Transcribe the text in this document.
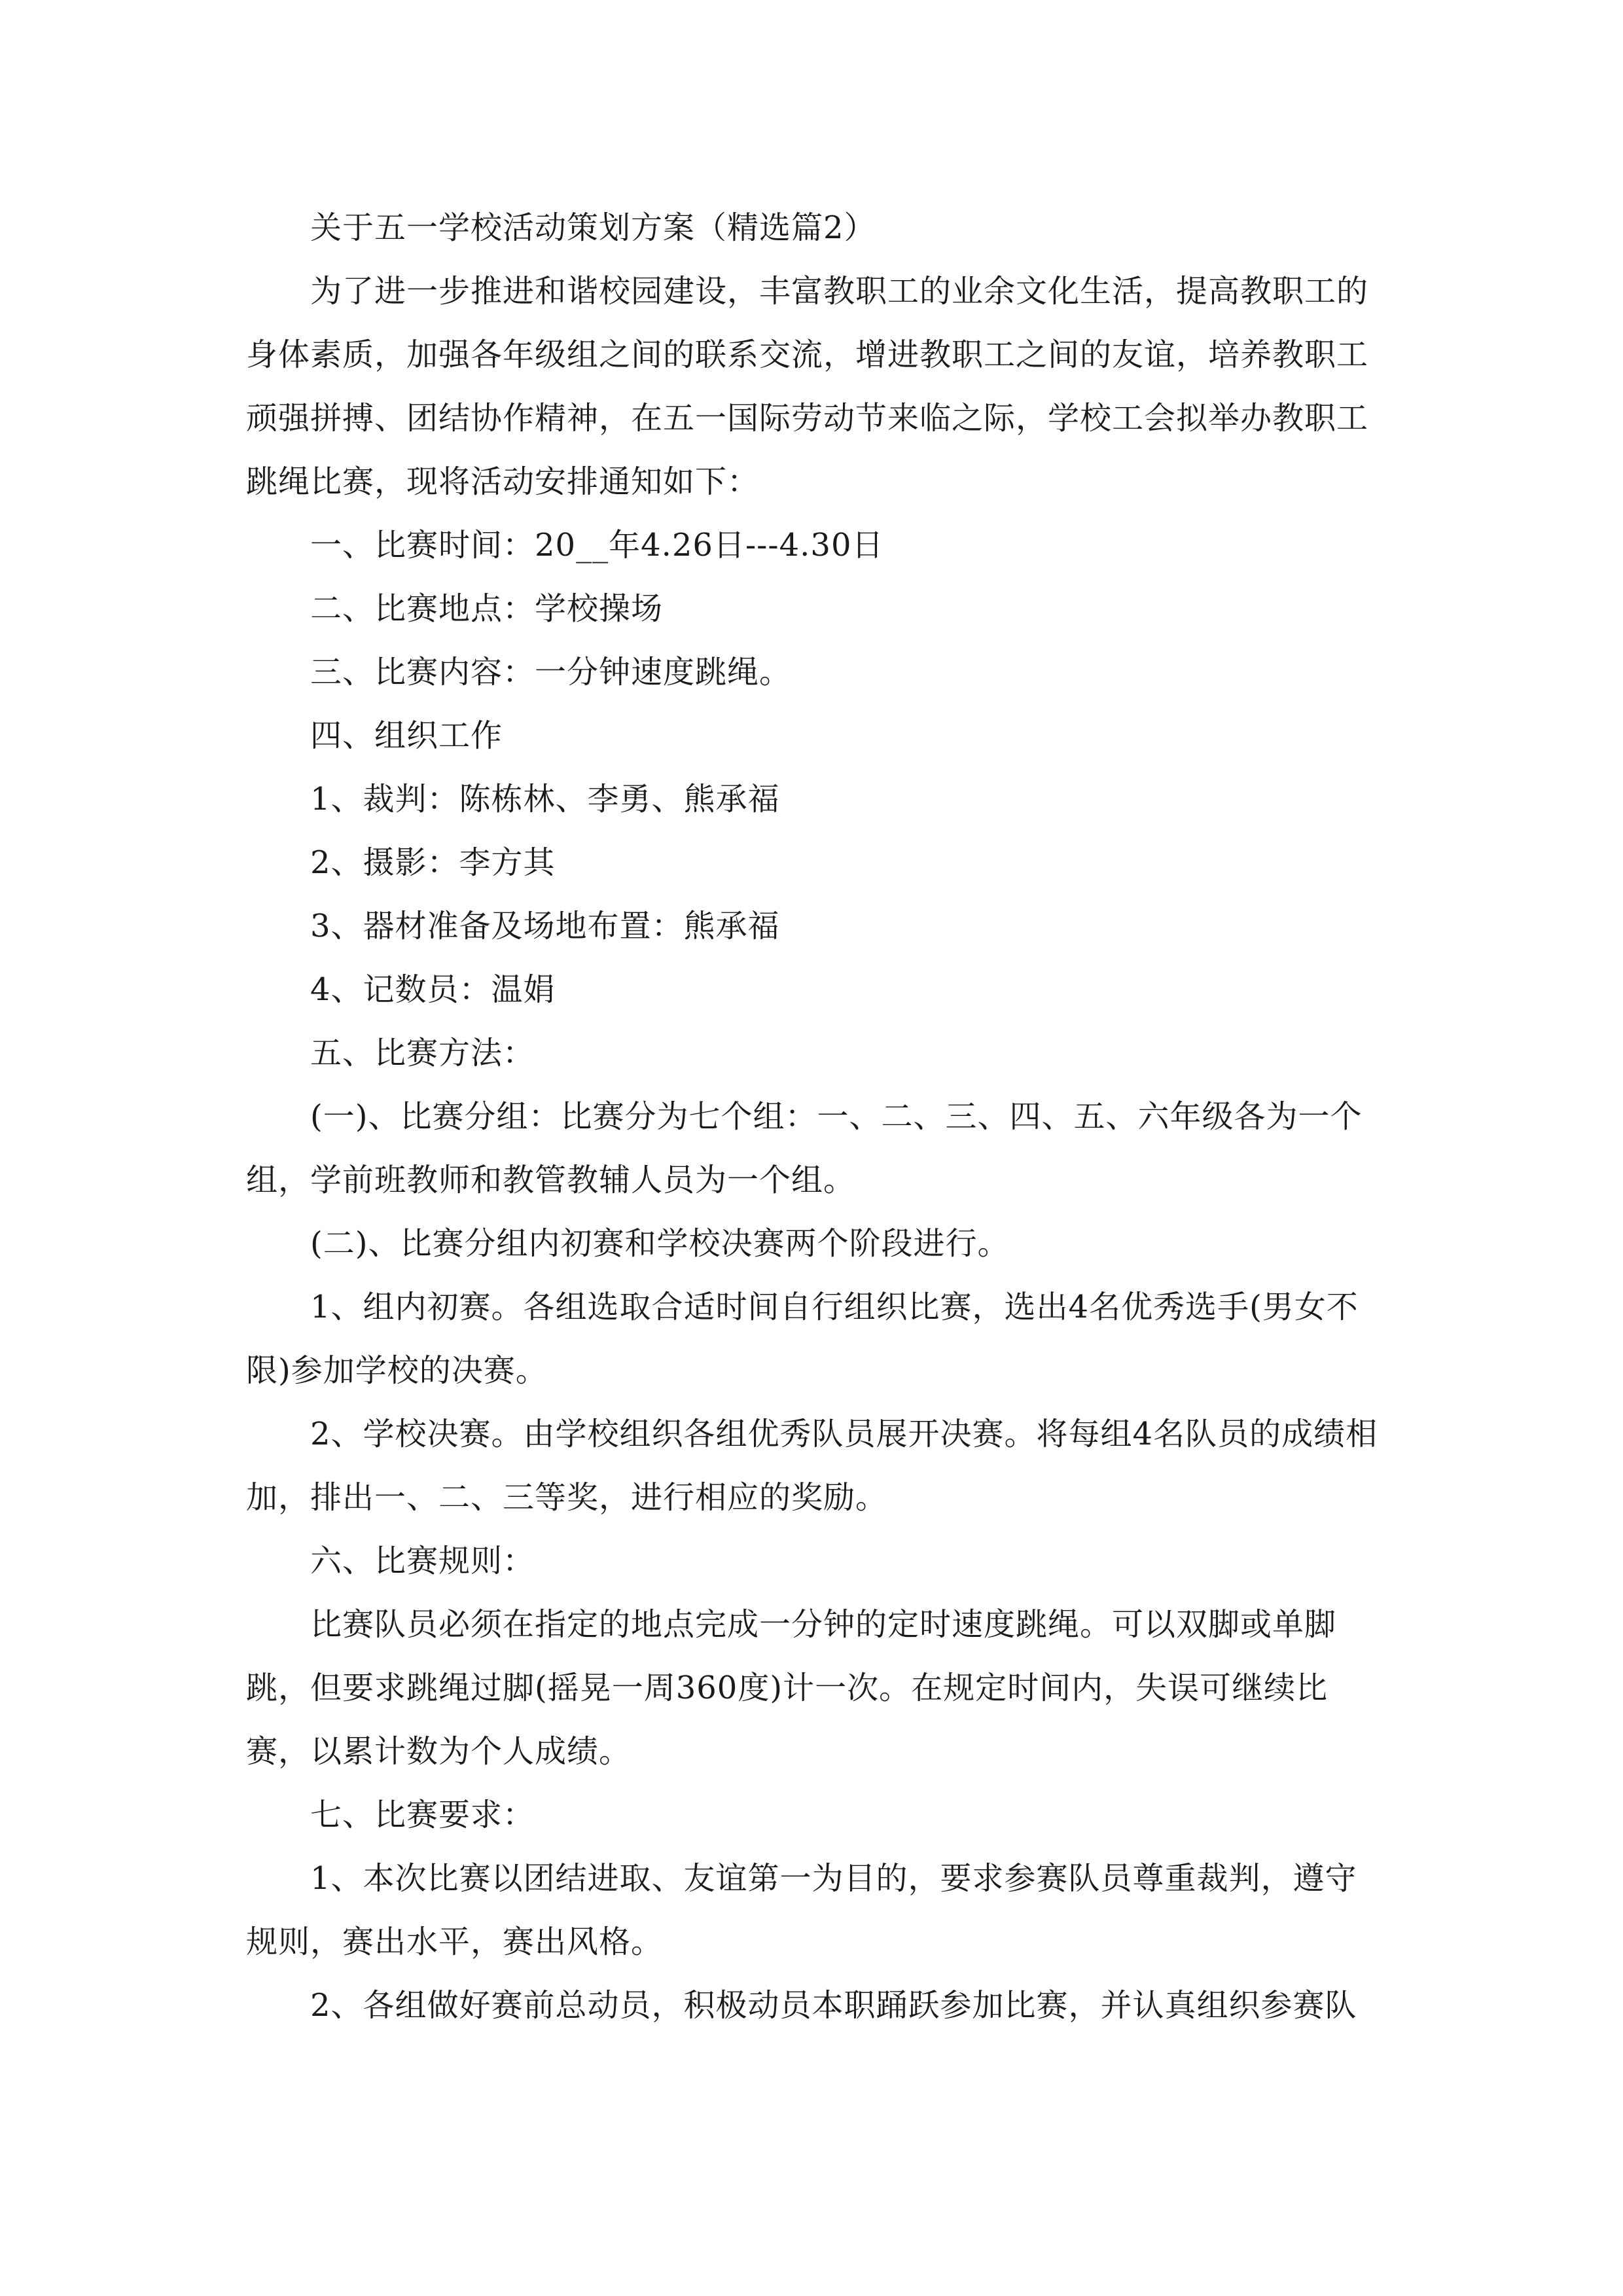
关于五一学校活动策划方案（精选篇2）

为了进一步推进和谐校园建设，丰富教职工的业余文化生活，提高教职工的身体素质，加强各年级组之间的联系交流，增进教职工之间的友谊，培养教职工顽强拼搏、团结协作精神，在五一国际劳动节来临之际，学校工会拟举办教职工跳绳比赛，现将活动安排通知如下：

一、比赛时间：20__年4.26日---4.30日

二、比赛地点：学校操场

三、比赛内容：一分钟速度跳绳。

四、组织工作

1、裁判：陈栋林、李勇、熊承福

2、摄影：李方其

3、器材准备及场地布置：熊承福

4、记数员：温娟

五、比赛方法：

(一)、比赛分组：比赛分为七个组：一、二、三、四、五、六年级各为一个组，学前班教师和教管教辅人员为一个组。

(二)、比赛分组内初赛和学校决赛两个阶段进行。

1、组内初赛。各组选取合适时间自行组织比赛，选出4名优秀选手(男女不限)参加学校的决赛。

2、学校决赛。由学校组织各组优秀队员展开决赛。将每组4名队员的成绩相加，排出一、二、三等奖，进行相应的奖励。

六、比赛规则：

比赛队员必须在指定的地点完成一分钟的定时速度跳绳。可以双脚或单脚跳，但要求跳绳过脚(摇晃一周360度)计一次。在规定时间内，失误可继续比赛，以累计数为个人成绩。

七、比赛要求：

1、本次比赛以团结进取、友谊第一为目的，要求参赛队员尊重裁判，遵守规则，赛出水平，赛出风格。

2、各组做好赛前总动员，积极动员本职踊跃参加比赛，并认真组织参赛队
